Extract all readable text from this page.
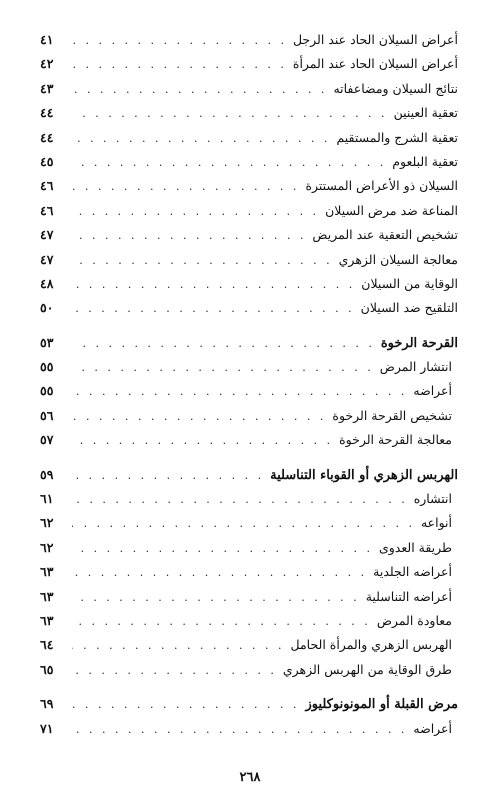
أعراض السيلان الحاد عند الرجل
. . .
٤١
أعراض السيلان الحاد عند المرأة
. . .
٤٢
نتائج السيلان ومضاعفاته
. . .
٤٣
تعقية العينين
. . .
٤٤
تعقية الشرج والمستقيم
. . .
٤٤
تعقية البلعوم
. . .
٤٥
السيلان ذو الأعراض المستترة
. . .
٤٦
المناعة ضد مرض السيلان
. . .
٤٦
تشخيص التعقية عند المريض
. . .
٤٧
معالجة السيلان الزهري
. . .
٤٧
الوقاية من السيلان
. . .
٤٨
التلقيح ضد السيلان
. . .
٥٠
القرحة الرخوة
. . .
٥٣
انتشار المرض
. . .
٥٥
أعراضه
. . .
٥٥
تشخيص القرحة الرخوة
. . .
٥٦
معالجة القرحة الرخوة
. . .
٥٧
الهربس الزهري أو القوباء التناسلية
. . .
٥٩
انتشاره
. . .
٦١
أنواعه
. . .
٦٢
طريقة العدوى
. . .
٦٢
أعراضه الجلدية
. . .
٦٣
أعراضه التناسلية
. . .
٦٣
معاودة المرض
. . .
٦٣
الهربس الزهري والمرأة الحامل
. . .
٦٤
طرق الوقاية من الهربس الزهري
. . .
٦٥
مرض القبلة أو المونونوكليوز
. . .
٦٩
أعراضه
. . .
٧١
٢٦٨
